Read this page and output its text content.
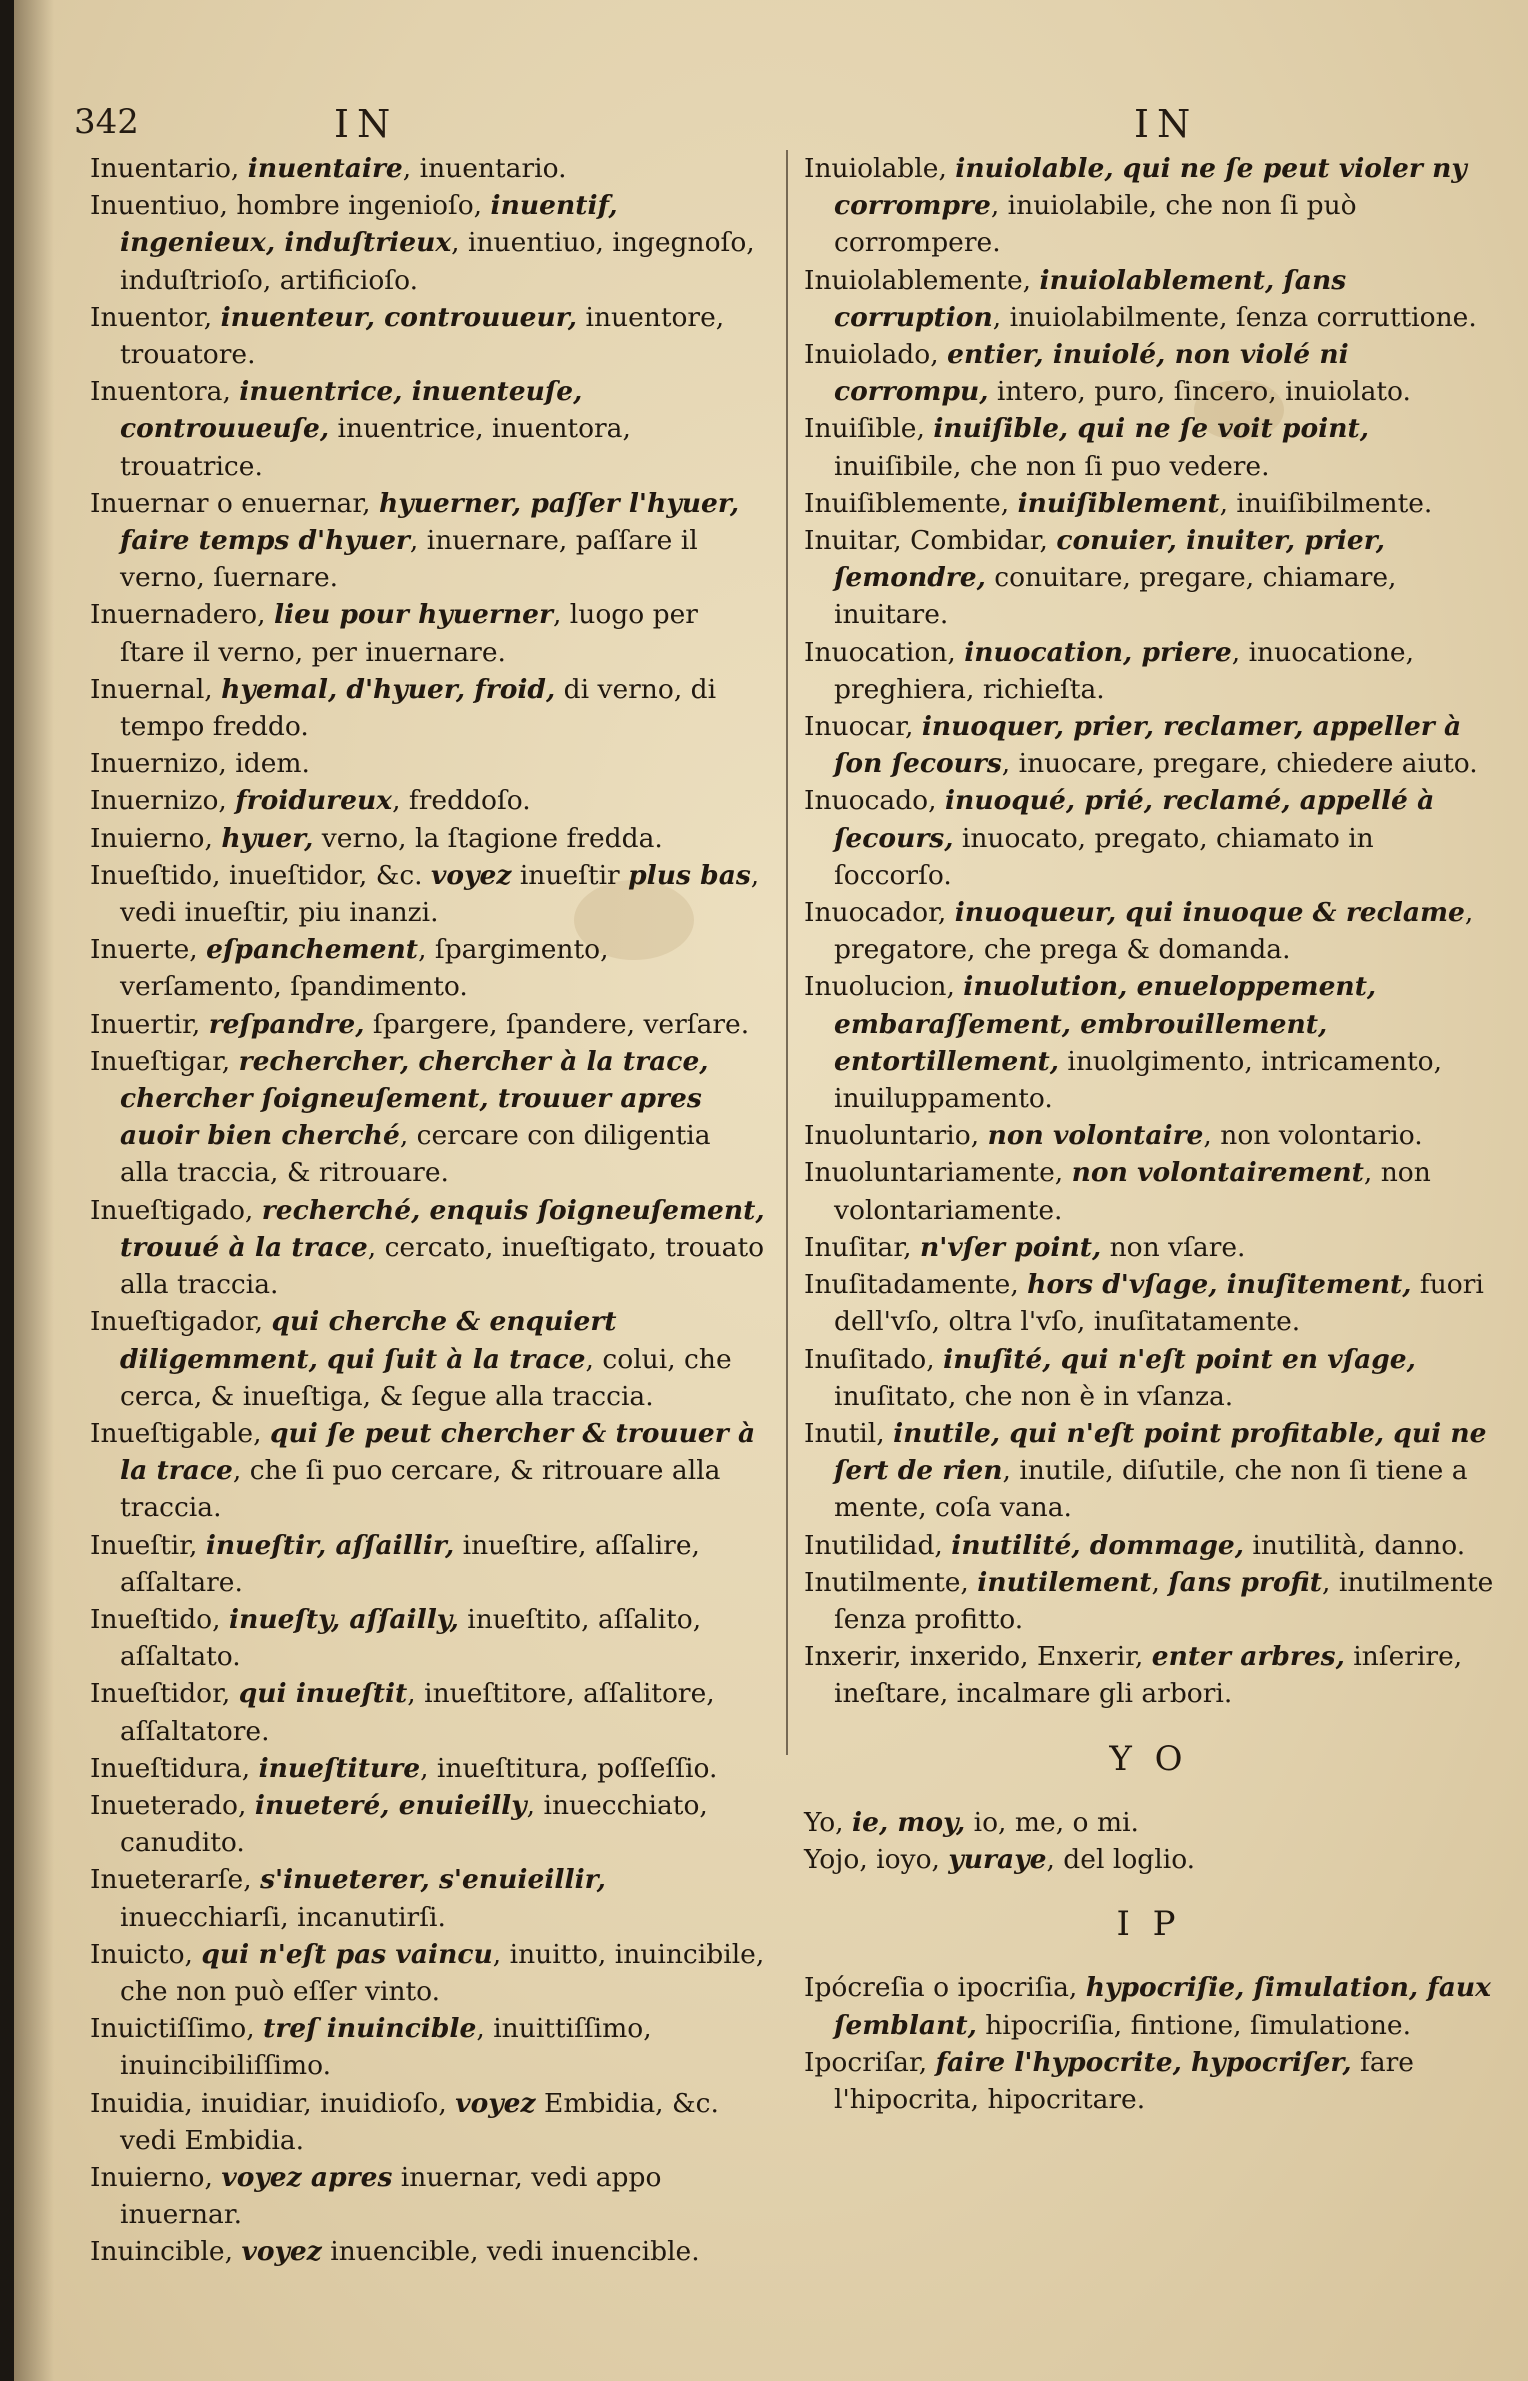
342	IN	IN
Inuentario, inuentaire, inuentario.
Inuentiuo, hombre ingenioſo, inuentif, ingenieux, induſtrieux, inuentiuo, ingegnoſo, induſtrioſo, artificioſo.
Inuentor, inuenteur, controuueur, inuentore, trouatore.
Inuentora, inuentrice, inuenteuſe, controuueuſe, inuentrice, inuentora, trouatrice.
Inuernar o enuernar, hyuerner, paſſer l'hyuer, faire temps d'hyuer, inuernare, paſſare il verno, ſuernare.
Inuernadero, lieu pour hyuerner, luogo per ſtare il verno, per inuernare.
Inuernal, hyemal, d'hyuer, froid, di verno, di tempo freddo.
Inuernizo, idem.
Inuernizo, froidureux, freddoſo.
Inuierno, hyuer, verno, la ſtagione fredda.
Inueſtido, inueſtidor, &c. voyez inueſtir plus bas, vedi inueſtir, piu inanzi.
Inuerte, eſpanchement, ſpargimento, verſamento, ſpandimento.
Inuertir, reſpandre, ſpargere, ſpandere, verſare.
Inueſtigar, rechercher, chercher à la trace, chercher ſoigneuſement, trouuer apres auoir bien cherché, cercare con diligentia alla traccia, & ritrouare.
Inueſtigado, recherché, enquis ſoigneuſement, trouué à la trace, cercato, inueſtigato, trouato alla traccia.
Inueſtigador, qui cherche & enquiert diligemment, qui ſuit à la trace, colui, che cerca, & inueſtiga, & ſegue alla traccia.
Inueſtigable, qui ſe peut chercher & trouuer à la trace, che ſi puo cercare, & ritrouare alla traccia.
Inueſtir, inueſtir, aſſaillir, inueſtire, aſſalire, aſſaltare.
Inueſtido, inueſty, aſſailly, inueſtito, aſſalito, aſſaltato.
Inueſtidor, qui inueſtit, inueſtitore, aſſalitore, aſſaltatore.
Inueſtidura, inueſtiture, inueſtitura, poſſeſſio.
Inueterado, inueteré, enuieilly, inuecchiato, canudito.
Inueterarſe, s'inueterer, s'enuieillir, inuecchiarſi, incanutirſi.
Inuicto, qui n'eſt pas vaincu, inuitto, inuincibile, che non può eſſer vinto.
Inuictiſſimo, treſ inuincible, inuittiſſimo, inuincibiliſſimo.
Inuidia, inuidiar, inuidioſo, voyez Embidia, &c. vedi Embidia.
Inuierno, voyez apres inuernar, vedi appo inuernar.
Inuincible, voyez inuencible, vedi inuencible.
Inuiolable, inuiolable, qui ne ſe peut violer ny corrompre, inuiolabile, che non ſi può corrompere.
Inuiolablemente, inuiolablement, ſans corruption, inuiolabilmente, ſenza corruttione.
Inuiolado, entier, inuiolé, non violé ni corrompu, intero, puro, ſincero, inuiolato.
Inuiſible, inuiſible, qui ne ſe voit point, inuiſibile, che non ſi puo vedere.
Inuiſiblemente, inuiſiblement, inuiſibilmente.
Inuitar, Combidar, conuier, inuiter, prier, ſemondre, conuitare, pregare, chiamare, inuitare.
Inuocation, inuocation, priere, inuocatione, preghiera, richieſta.
Inuocar, inuoquer, prier, reclamer, appeller à ſon ſecours, inuocare, pregare, chiedere aiuto.
Inuocado, inuoqué, prié, reclamé, appellé à ſecours, inuocato, pregato, chiamato in ſoccorſo.
Inuocador, inuoqueur, qui inuoque & reclame, pregatore, che prega & domanda.
Inuolucion, inuolution, enueloppement, embaraſſement, embrouillement, entortillement, inuolgimento, intricamento, inuiluppamento.
Inuoluntario, non volontaire, non volontario.
Inuoluntariamente, non volontairement, non volontariamente.
Inuſitar, n'vſer point, non vſare.
Inuſitadamente, hors d'vſage, inuſitement, fuori dell'vſo, oltra l'vſo, inuſitatamente.
Inuſitado, inuſité, qui n'eſt point en vſage, inuſitato, che non è in vſanza.
Inutil, inutile, qui n'eſt point profitable, qui ne ſert de rien, inutile, diſutile, che non ſi tiene a mente, coſa vana.
Inutilidad, inutilité, dommage, inutilità, danno.
Inutilmente, inutilement, ſans profit, inutilmente ſenza profitto.
Inxerir, inxerido, Enxerir, enter arbres, inſerire, ineſtare, incalmare gli arbori.
Y O
Yo, ie, moy, io, me, o mi.
Yojo, ioyo, yuraye, del loglio.
I P
Ipócreſia o ipocriſia, hypocriſie, ſimulation, faux ſemblant, hipocriſia, fintione, ſimulatione.
Ipocriſar, faire l'hypocrite, hypocriſer, fare l'hipocrita, hipocritare.
